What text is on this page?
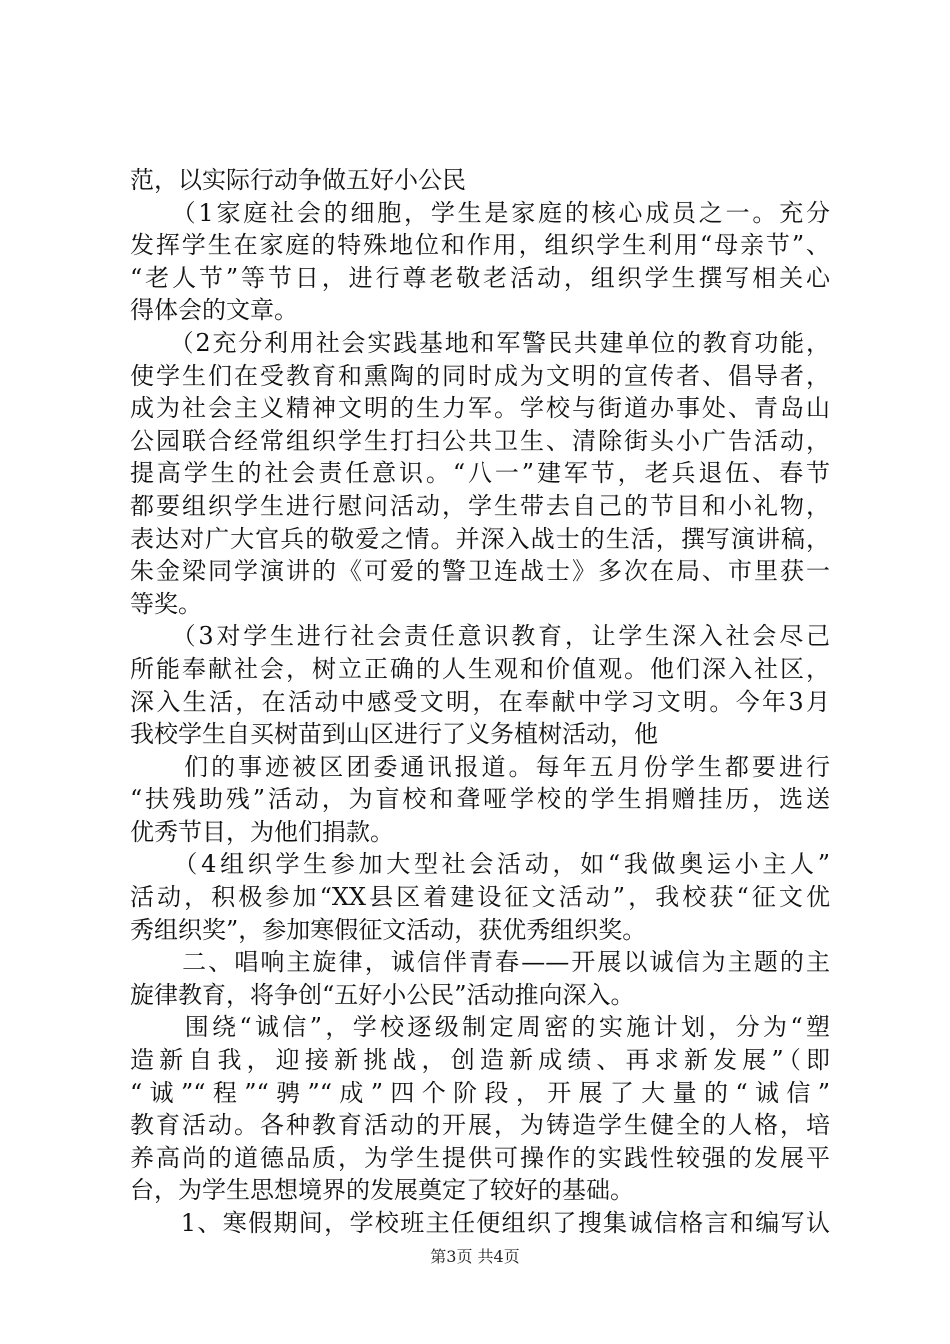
范，以实际行动争做五好小公民
　　（1家庭社会的细胞，学生是家庭的核心成员之一。充分
发挥学生在家庭的特殊地位和作用，组织学生利用“母亲节”、
“老人节”等节日，进行尊老敬老活动，组织学生撰写相关心
得体会的文章。
　　（2充分利用社会实践基地和军警民共建单位的教育功能，
使学生们在受教育和熏陶的同时成为文明的宣传者、倡导者，
成为社会主义精神文明的生力军。学校与街道办事处、青岛山
公园联合经常组织学生打扫公共卫生、清除街头小广告活动，
提高学生的社会责任意识。“八一”建军节，老兵退伍、春节
都要组织学生进行慰问活动，学生带去自己的节目和小礼物，
表达对广大官兵的敬爱之情。并深入战士的生活，撰写演讲稿，
朱金梁同学演讲的《可爱的警卫连战士》多次在局、市里获一
等奖。
　　（3对学生进行社会责任意识教育，让学生深入社会尽己
所能奉献社会，树立正确的人生观和价值观。他们深入社区，
深入生活，在活动中感受文明，在奉献中学习文明。今年3月
我校学生自买树苗到山区进行了义务植树活动，他
　　们的事迹被区团委通讯报道。每年五月份学生都要进行
“扶残助残”活动，为盲校和聋哑学校的学生捐赠挂历，选送
优秀节目，为他们捐款。
　　（4组织学生参加大型社会活动，如“我做奥运小主人”
活动，积极参加“XX县区着建设征文活动”，我校获“征文优
秀组织奖”，参加寒假征文活动，获优秀组织奖。
　　二、唱响主旋律，诚信伴青春——开展以诚信为主题的主
旋律教育，将争创“五好小公民”活动推向深入。
　　围绕“诚信”，学校逐级制定周密的实施计划，分为“塑
造新自我，迎接新挑战，创造新成绩、再求新发展”（即
“诚”“程”“骋”“成”四个阶段，开展了大量的“诚信”
教育活动。各种教育活动的开展，为铸造学生健全的人格，培
养高尚的道德品质，为学生提供可操作的实践性较强的发展平
台，为学生思想境界的发展奠定了较好的基础。
　　1、寒假期间，学校班主任便组织了搜集诚信格言和编写认
第3页 共4页
